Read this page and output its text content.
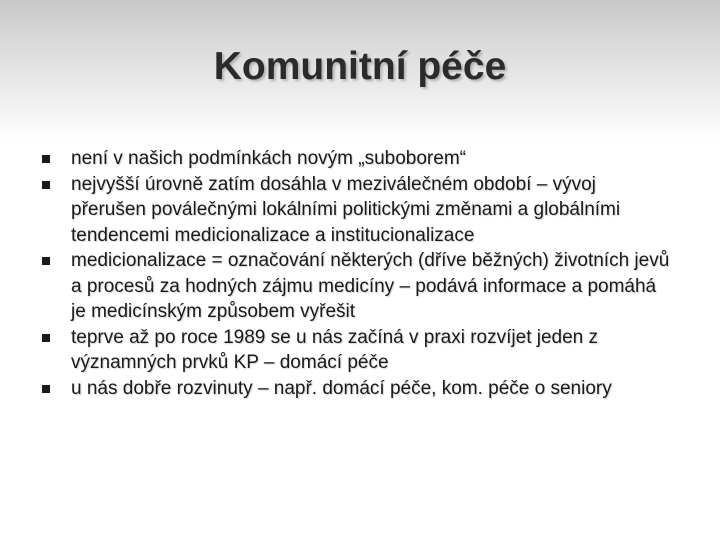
Komunitní péče
není v našich podmínkách novým „suboborem“
nejvyšší úrovně zatím dosáhla v meziválečném období – vývoj přerušen poválečnými lokálními politickými změnami a globálními tendencemi medicionalizace a institucionalizace
medicionalizace = označování některých (dříve běžných) životních jevů a procesů za hodných zájmu medicíny – podává informace a pomáhá je medicínským způsobem vyřešit
teprve až po roce 1989 se u nás začíná v praxi rozvíjet jeden z významných prvků KP – domácí péče
u nás dobře rozvinuty – např. domácí péče, kom. péče o seniory
